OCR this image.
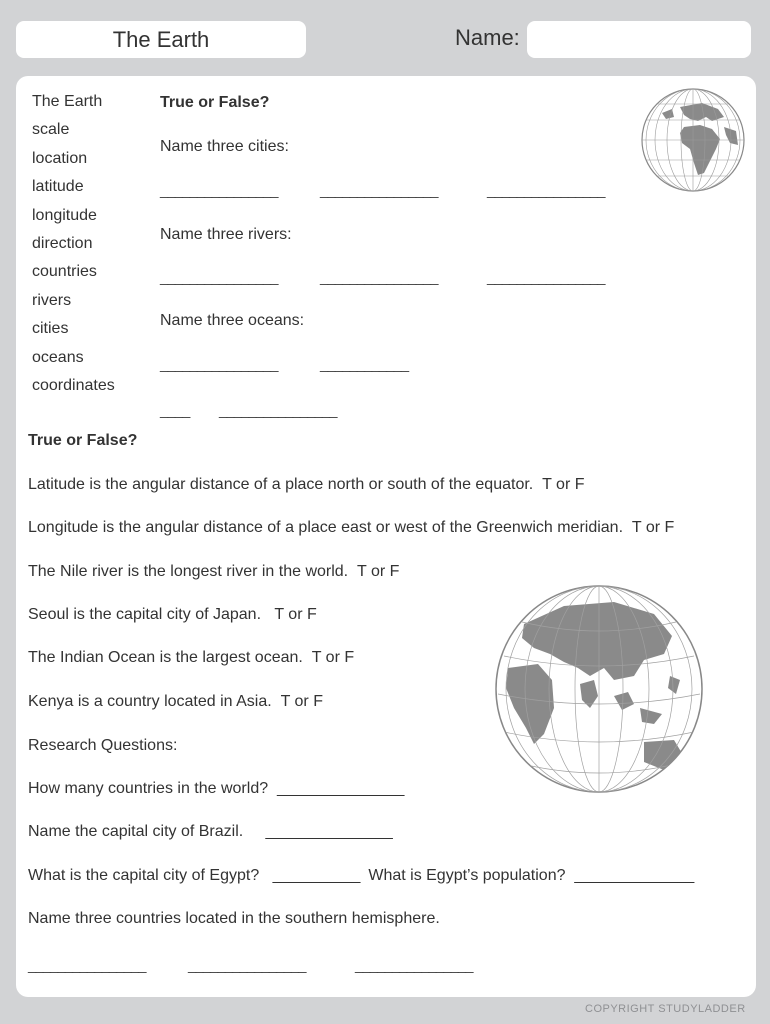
The Earth	Name:
The Earth
scale
location
latitude
longitude
direction
countries
rivers
cities
oceans
coordinates
True or False?
Name three cities:
________________	________________	________________
Name three rivers:
________________	________________	________________
Name three oceans:
________________	____________
____ ________________
True or False?
Latitude is the angular distance of a place north or south of the equator. T or F
Longitude is the angular distance of a place east or west of the Greenwich meridian. T or F
The Nile river is the longest river in the world. T or F
Seoul is the capital city of Japan. T or F
The Indian Ocean is the largest ocean. T or F
Kenya is a country located in Asia. T or F
Research Questions:
How many countries in the world? ________________
Name the capital city of Brazil. ________________
What is the capital city of Egypt? ___________ What is Egypt’s population? ________________
Name three countries located in the southern hemisphere.
________________	________________	________________
COPYRIGHT STUDYLADDER
